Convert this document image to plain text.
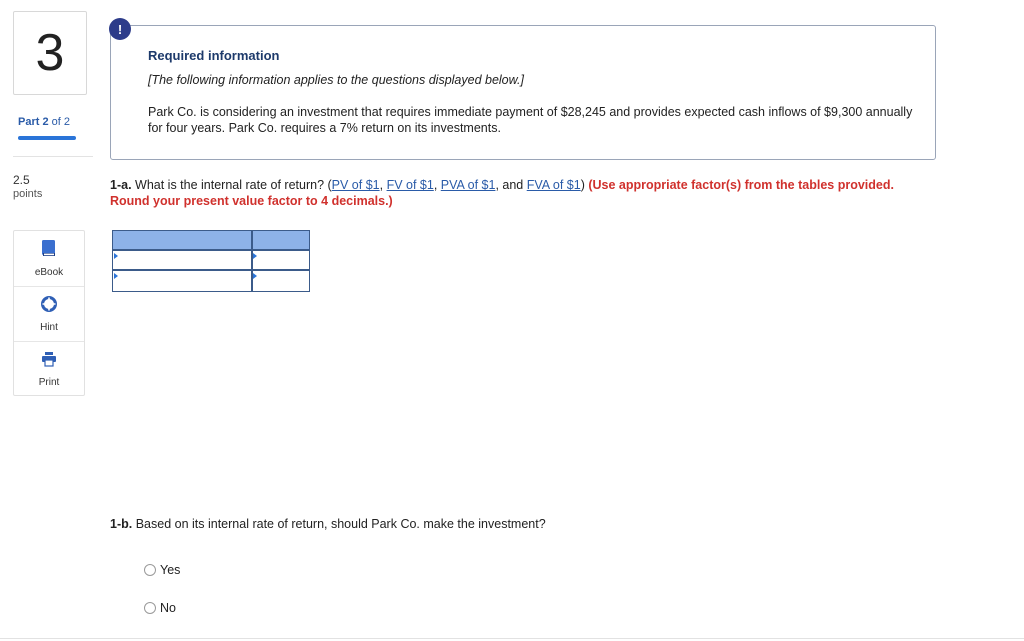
3
Part 2 of 2
2.5
points
eBook
Hint
Print
!
Required information
[The following information applies to the questions displayed below.]
Park Co. is considering an investment that requires immediate payment of $28,245 and provides expected cash inflows of $9,300 annually for four years. Park Co. requires a 7% return on its investments.
1-a. What is the internal rate of return? (PV of $1, FV of $1, PVA of $1, and FVA of $1) (Use appropriate factor(s) from the tables provided. Round your present value factor to 4 decimals.)
1-b. Based on its internal rate of return, should Park Co. make the investment?
Yes
No
